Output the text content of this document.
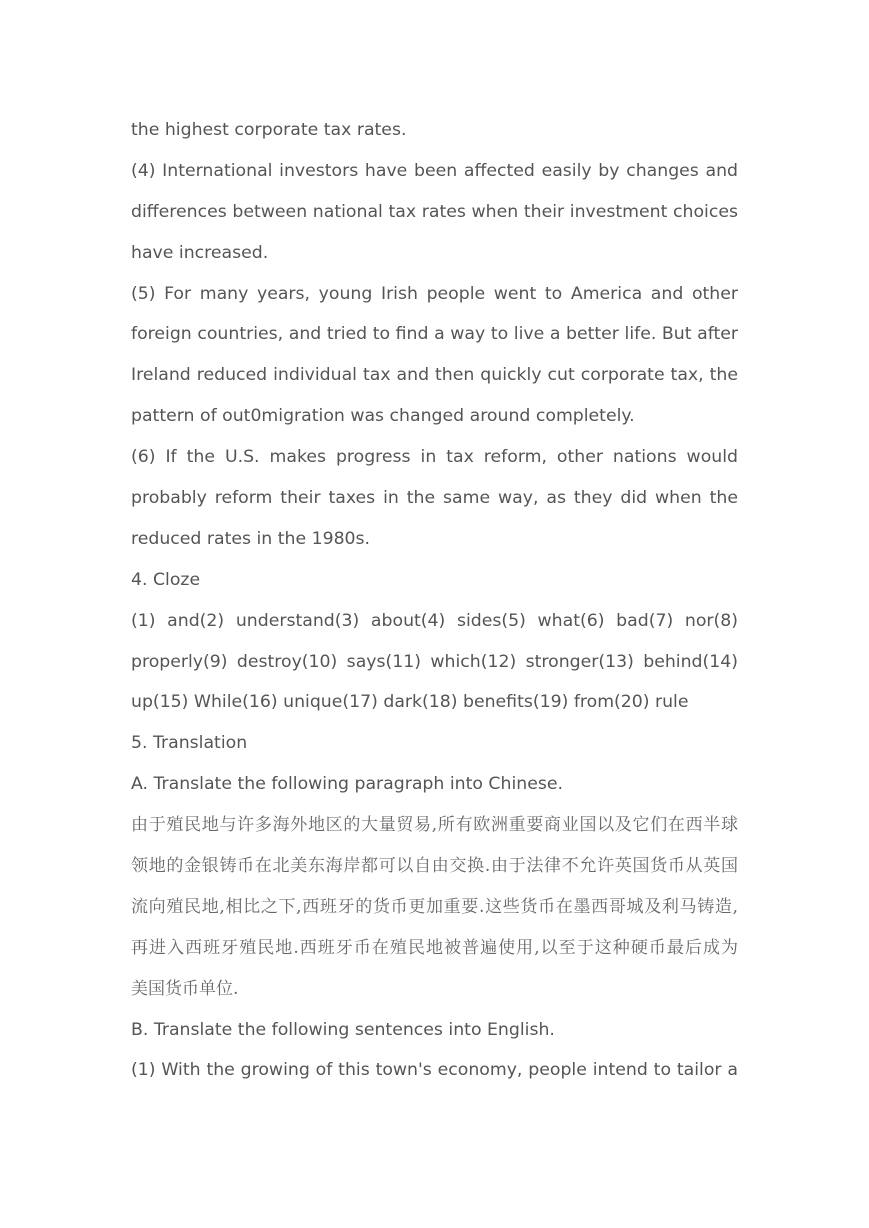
the highest corporate tax rates.
(4) International investors have been affected easily by changes and
differences between national tax rates when their investment choices
have increased.
(5) For many years, young Irish people went to America and other
foreign countries, and tried to find a way to live a better life. But after
Ireland reduced individual tax and then quickly cut corporate tax, the
pattern of out0migration was changed around completely.
(6) If the U.S. makes progress in tax reform, other nations would
probably reform their taxes in the same way, as they did when the
reduced rates in the 1980s.
4. Cloze
(1) and(2) understand(3) about(4) sides(5) what(6) bad(7) nor(8)
properly(9) destroy(10) says(11) which(12) stronger(13) behind(14)
up(15) While(16) unique(17) dark(18) benefits(19) from(20) rule
5. Translation
A. Translate the following paragraph into Chinese.
由于殖民地与许多海外地区的大量贸易,所有欧洲重要商业国以及它们在西半球
领地的金银铸币在北美东海岸都可以自由交换.由于法律不允许英国货币从英国
流向殖民地,相比之下,西班牙的货币更加重要.这些货币在墨西哥城及利马铸造,
再进入西班牙殖民地.西班牙币在殖民地被普遍使用,以至于这种硬币最后成为
美国货币单位.
B. Translate the following sentences into English.
(1) With the growing of this town's economy, people intend to tailor a
